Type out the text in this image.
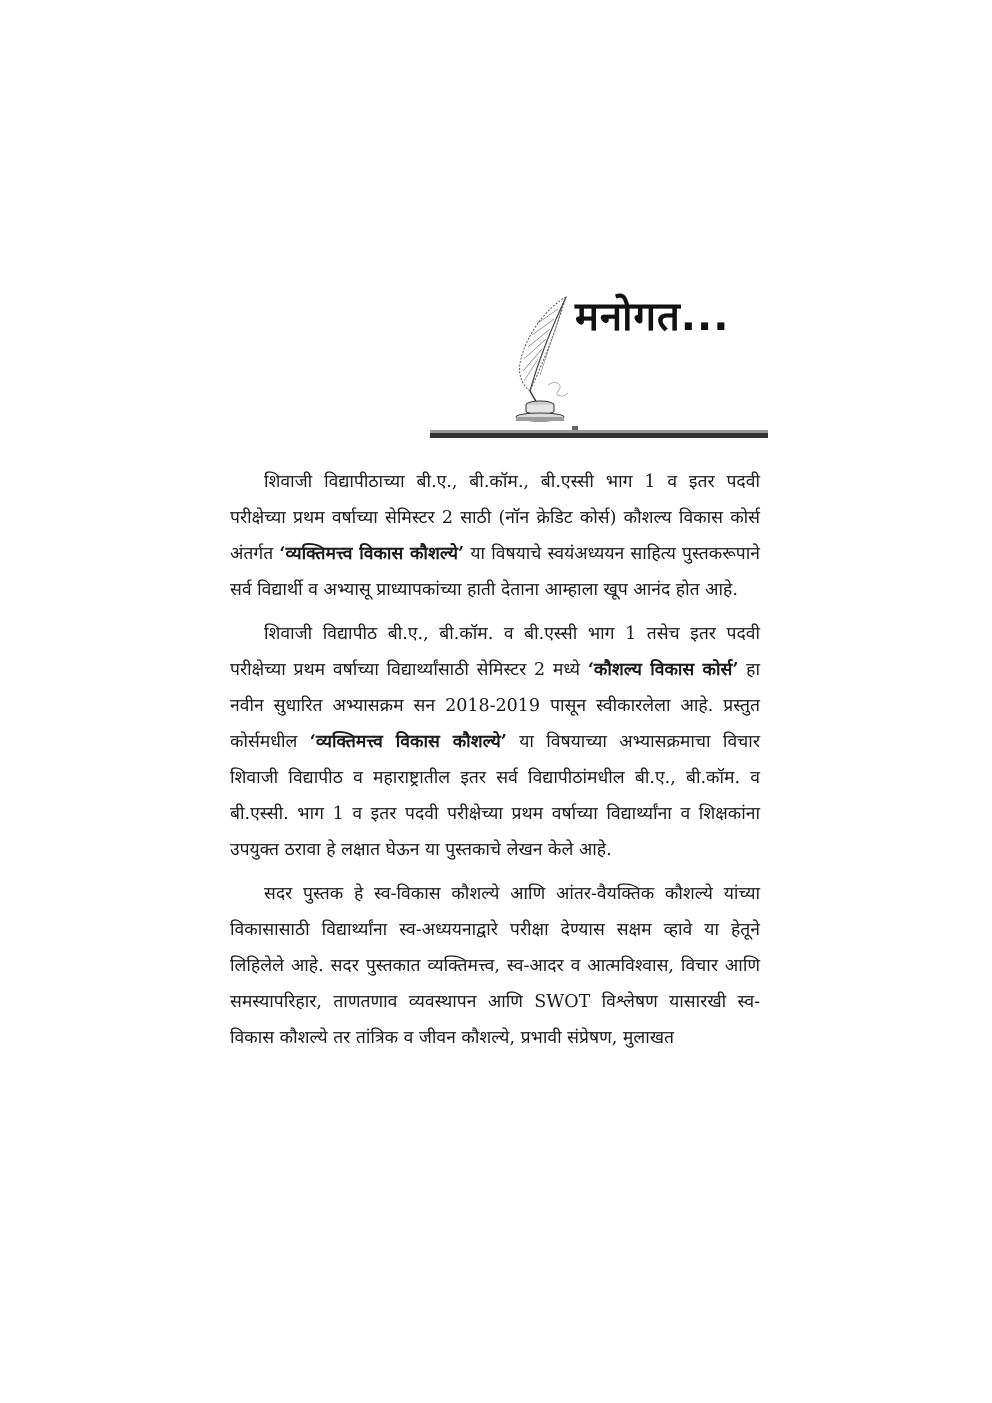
मनोगत...

शिवाजी विद्यापीठाच्या बी.ए., बी.कॉम., बी.एस्सी भाग 1 व इतर पदवी परीक्षेच्या प्रथम वर्षाच्या सेमिस्टर 2 साठी (नॉन क्रेडिट कोर्स) कौशल्य विकास कोर्स अंतर्गत ‘व्यक्तिमत्त्व विकास कौशल्ये’ या विषयाचे स्वयंअध्ययन साहित्य पुस्तकरूपाने सर्व विद्यार्थी व अभ्यासू प्राध्यापकांच्या हाती देताना आम्हाला खूप आनंद होत आहे.

शिवाजी विद्यापीठ बी.ए., बी.कॉम. व बी.एस्सी भाग 1 तसेच इतर पदवी परीक्षेच्या प्रथम वर्षाच्या विद्यार्थ्यांसाठी सेमिस्टर 2 मध्ये ‘कौशल्य विकास कोर्स’ हा नवीन सुधारित अभ्यासक्रम सन 2018-2019 पासून स्वीकारलेला आहे. प्रस्तुत कोर्समधील ‘व्यक्तिमत्त्व विकास कौशल्ये’ या विषयाच्या अभ्यासक्रमाचा विचार शिवाजी विद्यापीठ व महाराष्ट्रातील इतर सर्व विद्यापीठांमधील बी.ए., बी.कॉम. व बी.एस्सी. भाग 1 व इतर पदवी परीक्षेच्या प्रथम वर्षाच्या विद्यार्थ्यांना व शिक्षकांना उपयुक्त ठरावा हे लक्षात घेऊन या पुस्तकाचे लेखन केले आहे.

सदर पुस्तक हे स्व-विकास कौशल्ये आणि आंतर-वैयक्तिक कौशल्ये यांच्या विकासासाठी विद्यार्थ्यांना स्व-अध्ययनाद्वारे परीक्षा देण्यास सक्षम व्हावे या हेतूने लिहिलेले आहे. सदर पुस्तकात व्यक्तिमत्त्व, स्व-आदर व आत्मविश्वास, विचार आणि समस्यापरिहार, ताणतणाव व्यवस्थापन आणि SWOT विश्लेषण यासारखी स्व-विकास कौशल्ये तर तांत्रिक व जीवन कौशल्ये, प्रभावी संप्रेषण, मुलाखत
